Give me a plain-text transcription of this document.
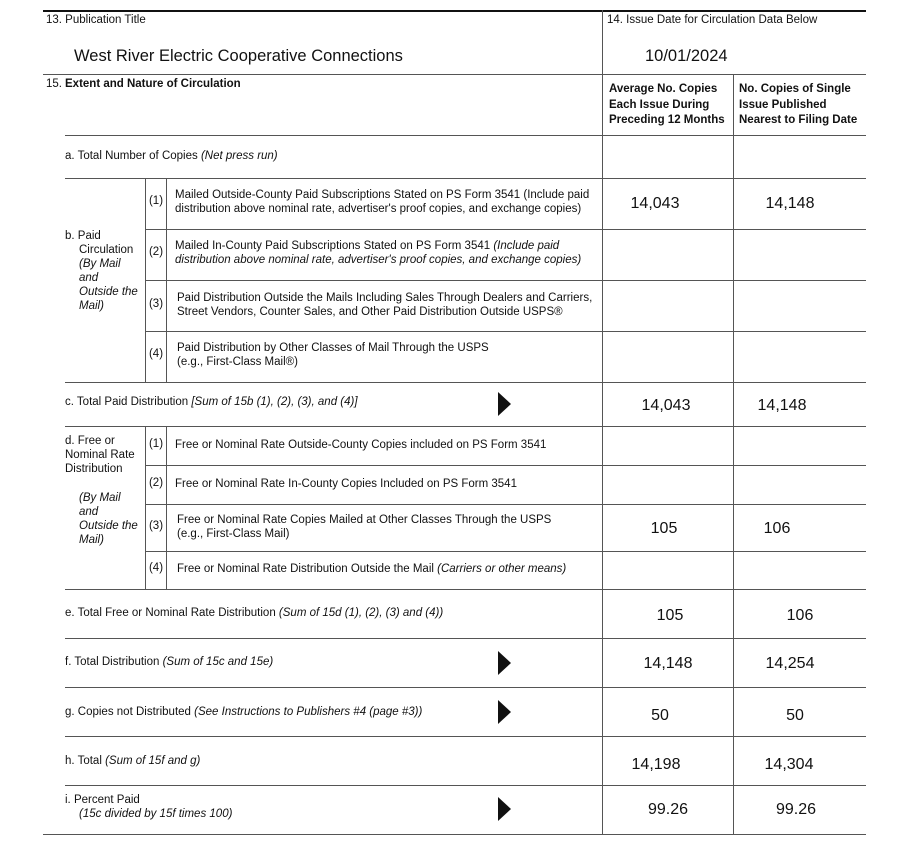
13. Publication Title
West River Electric Cooperative Connections
14. Issue Date for Circulation Data Below
10/01/2024
15. Extent and Nature of Circulation	Average No. Copies Each Issue During Preceding 12 Months
No. Copies of Single Issue Published Nearest to Filing Date
a. Total Number of Copies (Net press run)
b. Paid
Circulation
(By Mail and Outside the Mail)
(1) Mailed Outside-County Paid Subscriptions Stated on PS Form 3541 (Include paid distribution above nominal rate, advertiser's proof copies, and exchange copies)	14,043	14,148
(2) Mailed In-County Paid Subscriptions Stated on PS Form 3541 (Include paid distribution above nominal rate, advertiser's proof copies, and exchange copies)
(3) Paid Distribution Outside the Mails Including Sales Through Dealers and Carriers, Street Vendors, Counter Sales, and Other Paid Distribution Outside USPS®
(4) Paid Distribution by Other Classes of Mail Through the USPS
(e.g., First-Class Mail®)
c. Total Paid Distribution [Sum of 15b (1), (2), (3), and (4)]	14,043	14,148
d. Free or Nominal Rate Distribution
(By Mail and Outside the Mail)
(1) Free or Nominal Rate Outside-County Copies included on PS Form 3541
(2) Free or Nominal Rate In-County Copies Included on PS Form 3541
(3) Free or Nominal Rate Copies Mailed at Other Classes Through the USPS
(e.g., First-Class Mail)	105	106
(4) Free or Nominal Rate Distribution Outside the Mail (Carriers or other means)
e. Total Free or Nominal Rate Distribution (Sum of 15d (1), (2), (3) and (4))	105	106
f. Total Distribution (Sum of 15c and 15e)	14,148	14,254
g. Copies not Distributed (See Instructions to Publishers #4 (page #3))	50	50
h. Total (Sum of 15f and g)	14,198	14,304
i. Percent Paid
(15c divided by 15f times 100)	99.26	99.26
